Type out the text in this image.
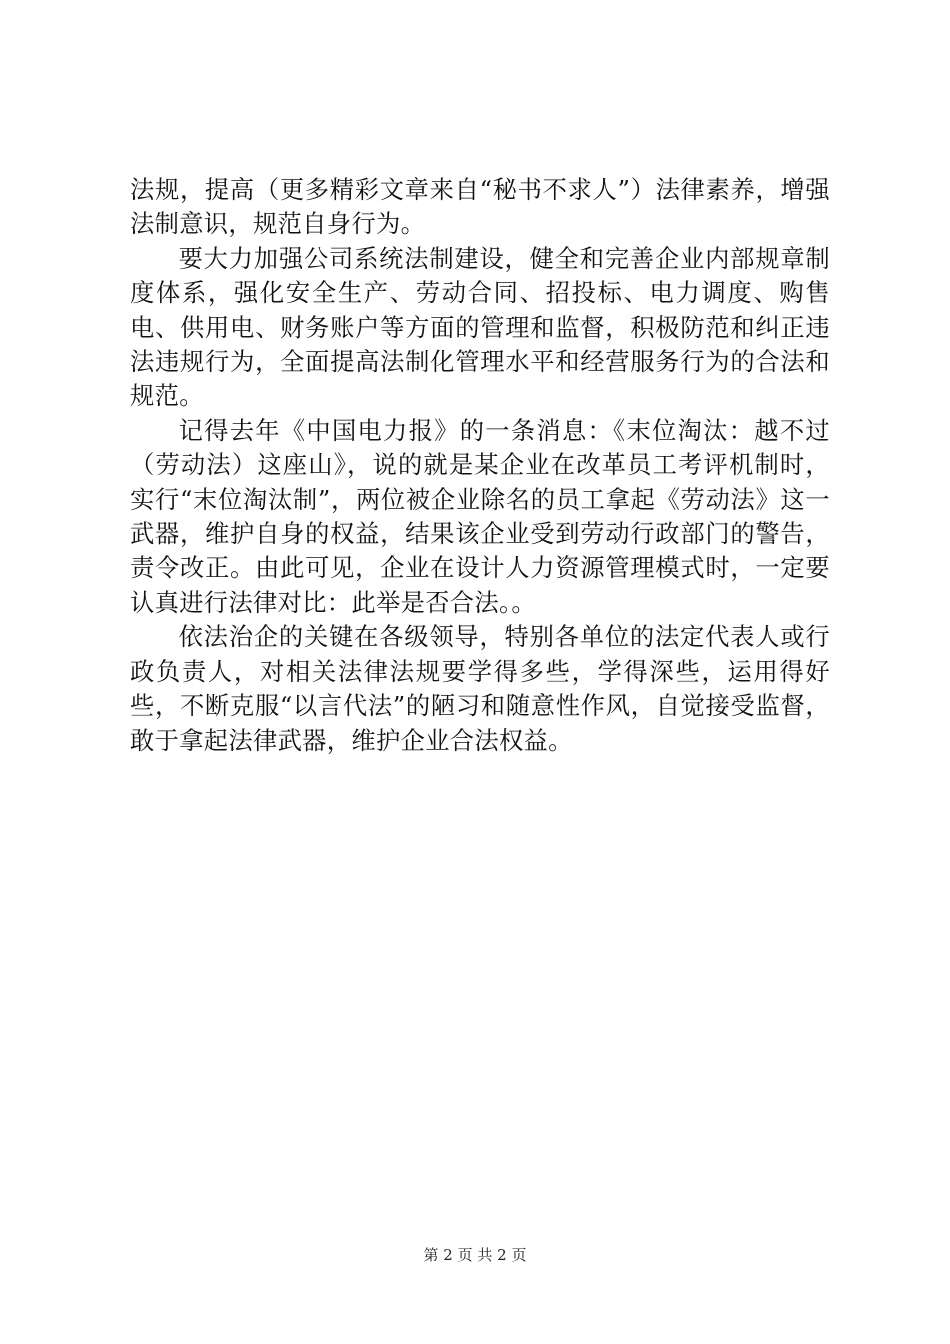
法规，提高（更多精彩文章来自“秘书不求人”）法律素养，增强法制意识，规范自身行为。

要大力加强公司系统法制建设，健全和完善企业内部规章制度体系，强化安全生产、劳动合同、招投标、电力调度、购售电、供用电、财务账户等方面的管理和监督，积极防范和纠正违法违规行为，全面提高法制化管理水平和经营服务行为的合法和规范。

记得去年《中国电力报》的一条消息：《末位淘汰：越不过（劳动法）这座山》，说的就是某企业在改革员工考评机制时，实行“末位淘汰制”，两位被企业除名的员工拿起《劳动法》这一武器，维护自身的权益，结果该企业受到劳动行政部门的警告，责令改正。由此可见，企业在设计人力资源管理模式时，一定要认真进行法律对比：此举是否合法。。

依法治企的关键在各级领导，特别各单位的法定代表人或行政负责人，对相关法律法规要学得多些，学得深些，运用得好些，不断克服“以言代法”的陋习和随意性作风，自觉接受监督，敢于拿起法律武器，维护企业合法权益。

第 2 页 共 2 页
